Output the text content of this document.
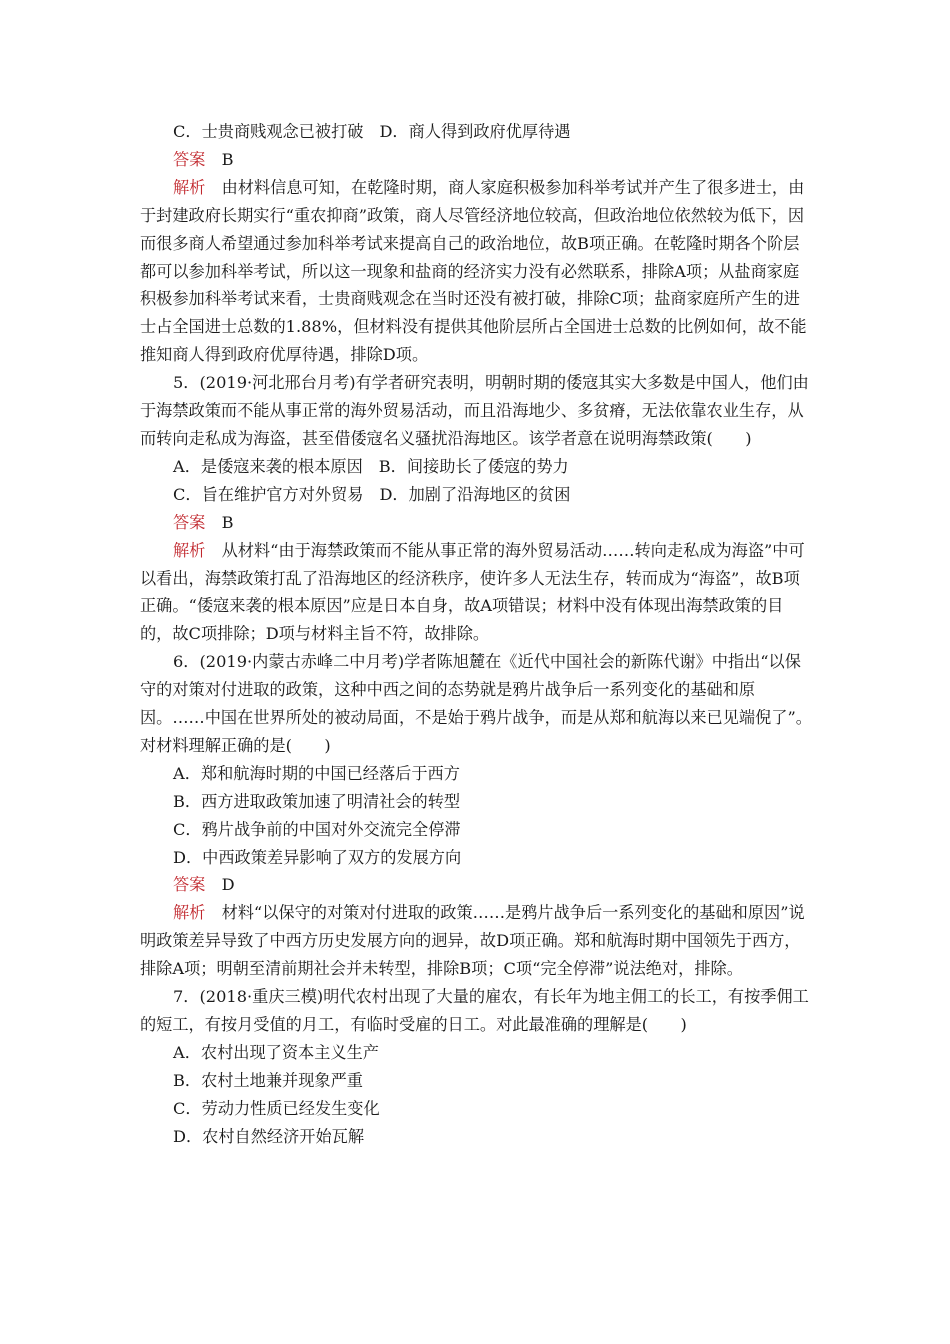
C．士贵商贱观念已被打破 D．商人得到政府优厚待遇

答案　 B

解析　 由材料信息可知，在乾隆时期，商人家庭积极参加科举考试并产生了很多进士，由于封建政府长期实行“重农抑商”政策，商人尽管经济地位较高，但政治地位依然较为低下，因而很多商人希望通过参加科举考试来提高自己的政治地位，故B项正确。在乾隆时期各个阶层都可以参加科举考试，所以这一现象和盐商的经济实力没有必然联系，排除A项；从盐商家庭积极参加科举考试来看，士贵商贱观念在当时还没有被打破，排除C项；盐商家庭所产生的进士占全国进士总数的1.88%，但材料没有提供其他阶层所占全国进士总数的比例如何，故不能推知商人得到政府优厚待遇，排除D项。

5．(2019·河北邢台月考)有学者研究表明，明朝时期的倭寇其实大多数是中国人，他们由于海禁政策而不能从事正常的海外贸易活动，而且沿海地少、多贫瘠，无法依靠农业生存，从而转向走私成为海盗，甚至借倭寇名义骚扰沿海地区。该学者意在说明海禁政策(　　)

A．是倭寇来袭的根本原因 B．间接助长了倭寇的势力

C．旨在维护官方对外贸易 D．加剧了沿海地区的贫困

答案　 B

解析　 从材料“由于海禁政策而不能从事正常的海外贸易活动……转向走私成为海盗”中可以看出，海禁政策打乱了沿海地区的经济秩序，使许多人无法生存，转而成为“海盗”，故B项正确。“倭寇来袭的根本原因”应是日本自身，故A项错误；材料中没有体现出海禁政策的目的，故C项排除；D项与材料主旨不符，故排除。

6．(2019·内蒙古赤峰二中月考)学者陈旭麓在《近代中国社会的新陈代谢》中指出“以保守的对策对付进取的政策，这种中西之间的态势就是鸦片战争后一系列变化的基础和原因。……中国在世界所处的被动局面，不是始于鸦片战争，而是从郑和航海以来已见端倪了”。对材料理解正确的是(　　)

A．郑和航海时期的中国已经落后于西方

B．西方进取政策加速了明清社会的转型

C．鸦片战争前的中国对外交流完全停滞

D．中西政策差异影响了双方的发展方向

答案　 D

解析　 材料“以保守的对策对付进取的政策……是鸦片战争后一系列变化的基础和原因”说明政策差异导致了中西方历史发展方向的迥异，故D项正确。郑和航海时期中国领先于西方，排除A项；明朝至清前期社会并未转型，排除B项；C项“完全停滞”说法绝对，排除。

7．(2018·重庆三模)明代农村出现了大量的雇农，有长年为地主佣工的长工，有按季佣工的短工，有按月受值的月工，有临时受雇的日工。对此最准确的理解是(　　)

A．农村出现了资本主义生产

B．农村土地兼并现象严重

C．劳动力性质已经发生变化

D．农村自然经济开始瓦解
